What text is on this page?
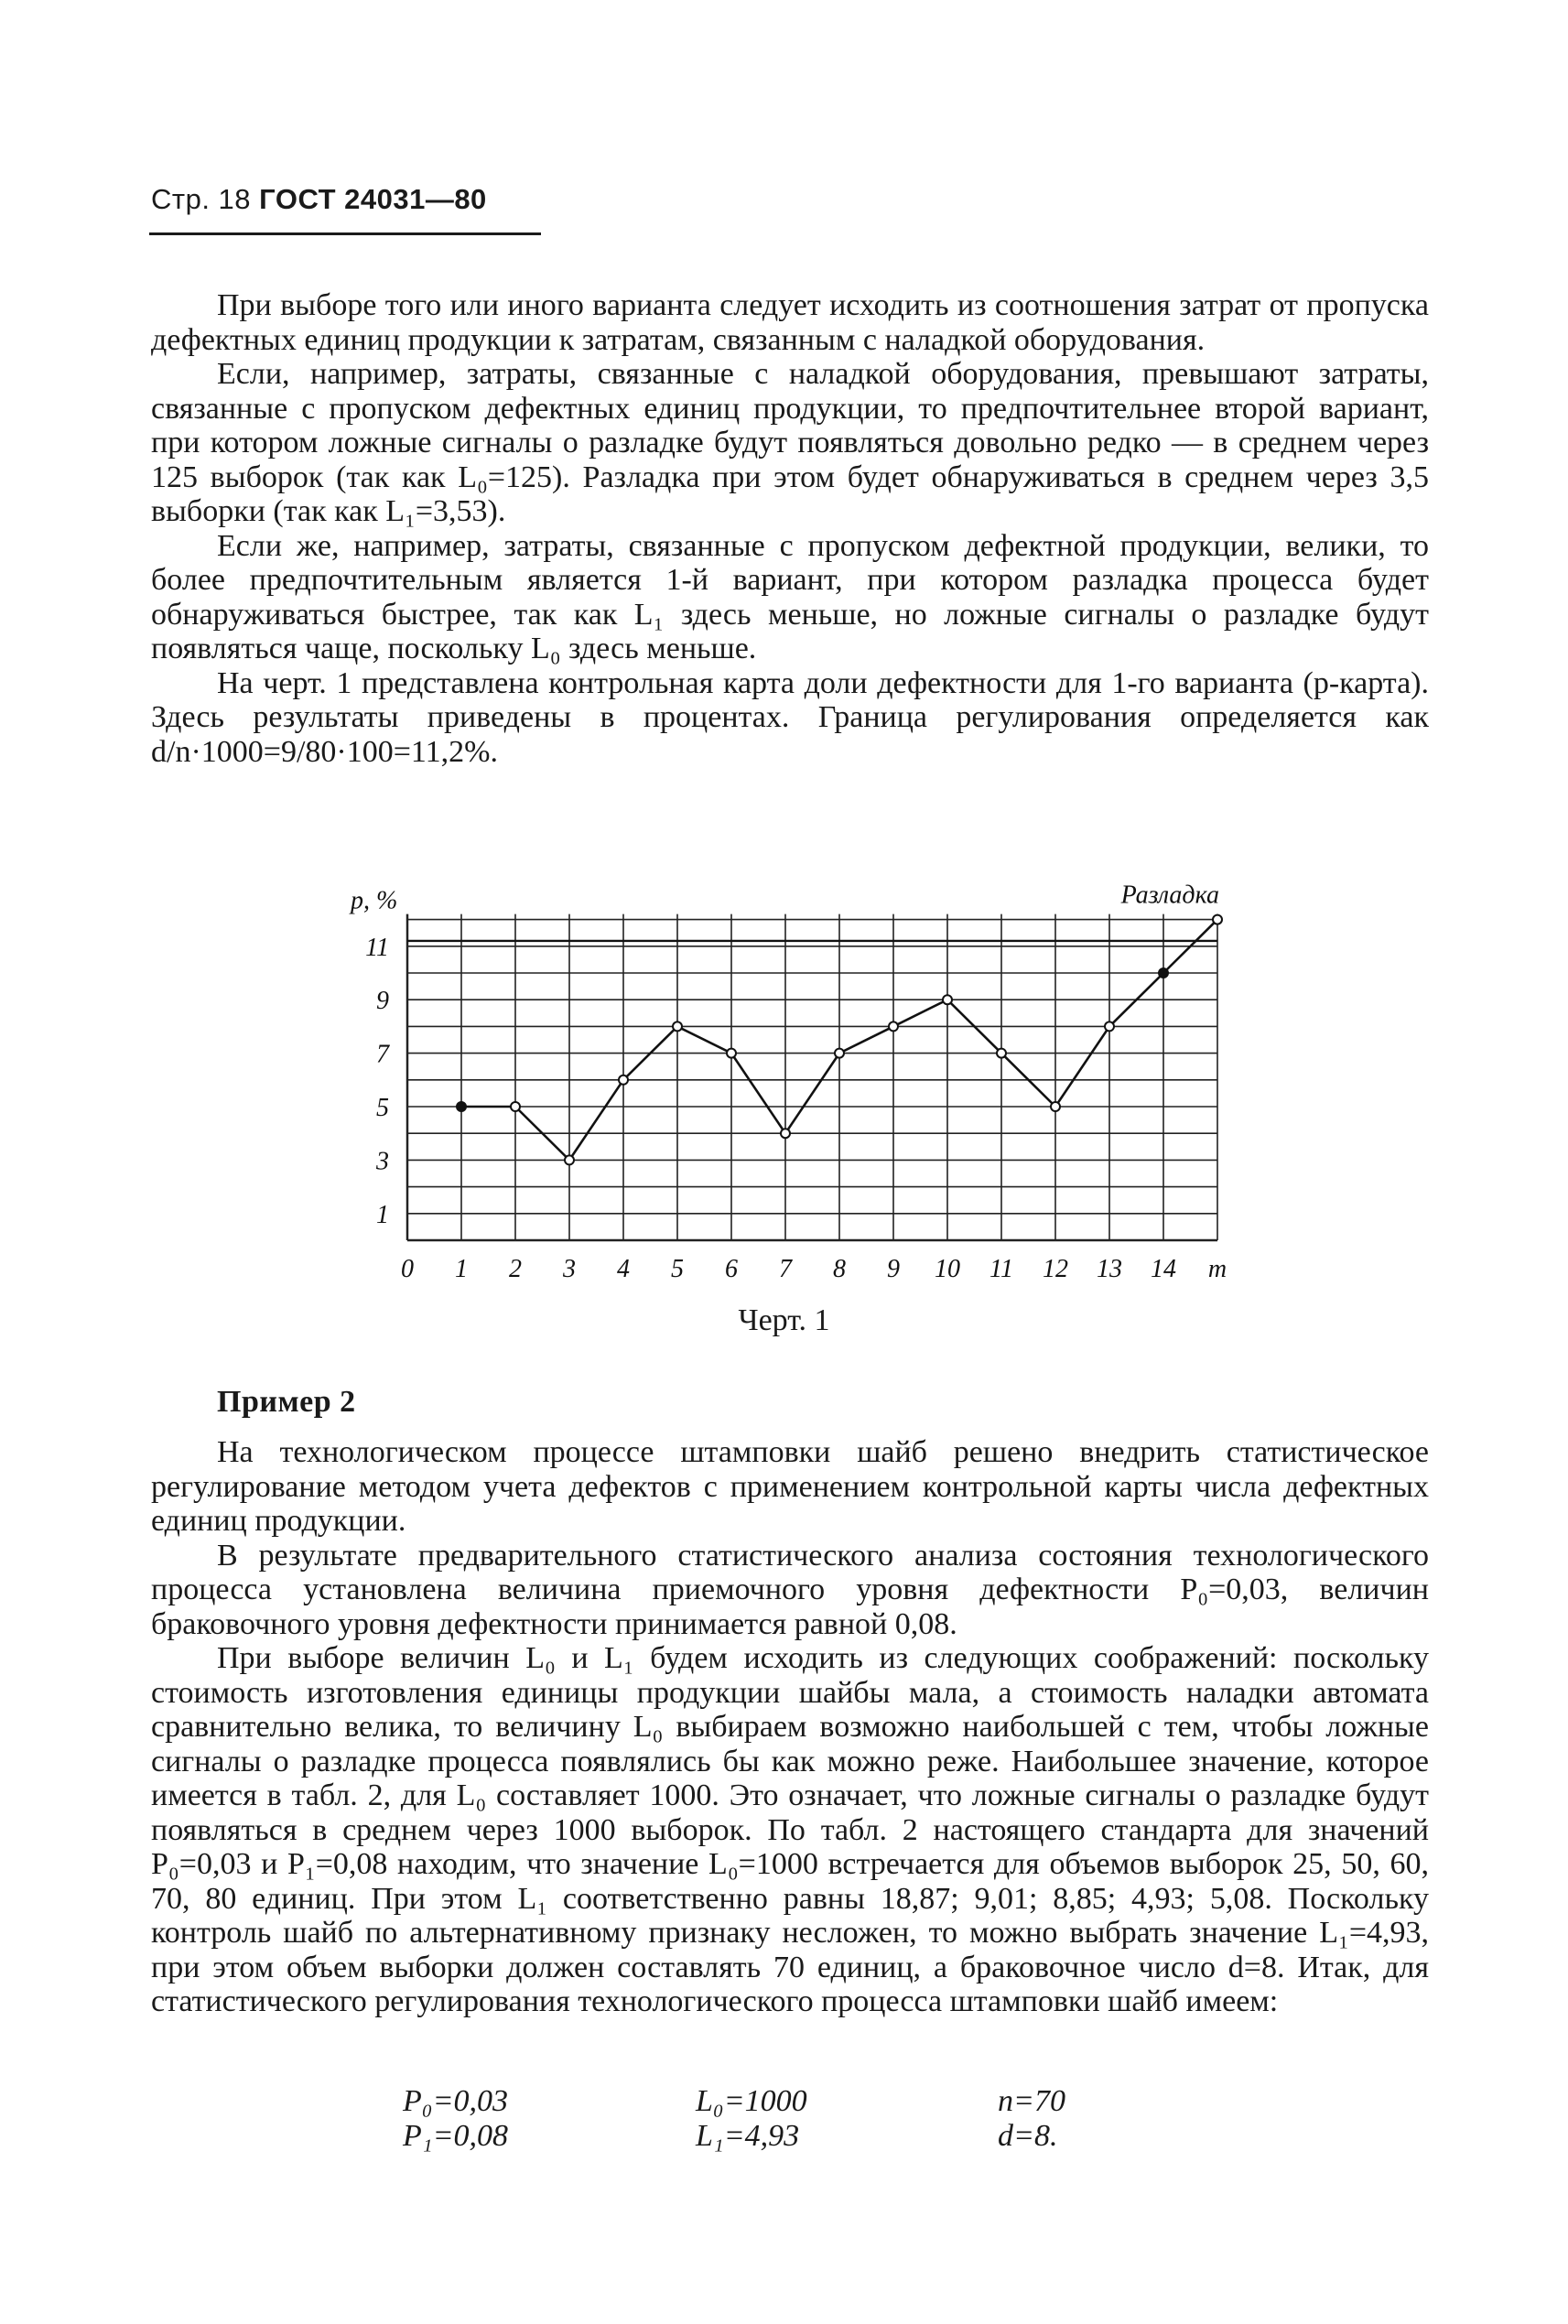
Стр. 18 ГОСТ 24031—80

При выборе того или иного варианта следует исходить из соотношения затрат от пропуска дефектных единиц продукции к затратам, связанным с наладкой оборудования.

Если, например, затраты, связанные с наладкой оборудования, превышают затраты, связанные с пропуском дефектных единиц продукции, то предпочтительнее второй вариант, при котором ложные сигналы о разладке будут появляться довольно редко — в среднем через 125 выборок (так как L₀=125). Разладка при этом будет обнаруживаться в среднем через 3,5 выборки (так как L₁=3,53).

Если же, например, затраты, связанные с пропуском дефектной продукции, велики, то более предпочтительным является 1-й вариант, при котором разладка процесса будет обнаруживаться быстрее, так как L₁ здесь меньше, но ложные сигналы о разладке будут появляться чаще, поскольку L₀ здесь меньше.

На черт. 1 представлена контрольная карта доли дефектности для 1-го варианта (p-карта). Здесь результаты приведены в процентах. Граница регулирования определяется как d/n·1000=9/80·100=11,2%.

1
3
5
7
9
11
0 1 2 3 4 5 6 7 8 9 10 11 12 13 14 m
p, %	Разладка
Черт. 1
Пример 2

На технологическом процессе штамповки шайб решено внедрить статистическое регулирование методом учета дефектов с применением контрольной карты числа дефектных единиц продукции.

В результате предварительного статистического анализа состояния технологического процесса установлена величина приемочного уровня дефектности P₀=0,03, величин браковочного уровня дефектности принимается равной 0,08.

При выборе величин L₀ и L₁ будем исходить из следующих соображений: поскольку стоимость изготовления единицы продукции шайбы мала, а стоимость наладки автомата сравнительно велика, то величину L₀ выбираем возможно наибольшей с тем, чтобы ложные сигналы о разладке процесса появлялись бы как можно реже. Наибольшее значение, которое имеется в табл. 2, для L₀ составляет 1000. Это означает, что ложные сигналы о разладке будут появляться в среднем через 1000 выборок. По табл. 2 настоящего стандарта для значений P₀=0,03 и P₁=0,08 находим, что значение L₀=1000 встречается для объемов выборок 25, 50, 60, 70, 80 единиц. При этом L₁ соответственно равны 18,87; 9,01; 8,85; 4,93; 5,08. Поскольку контроль шайб по альтернативному признаку несложен, то можно выбрать значение L₁=4,93, при этом объем выборки должен составлять 70 единиц, а браковочное число d=8. Итак, для статистического регулирования технологического процесса штамповки шайб имеем:

P₀=0,03	L₀=1000	n=70
P₁=0,08	L₁=4,93	d=8.
